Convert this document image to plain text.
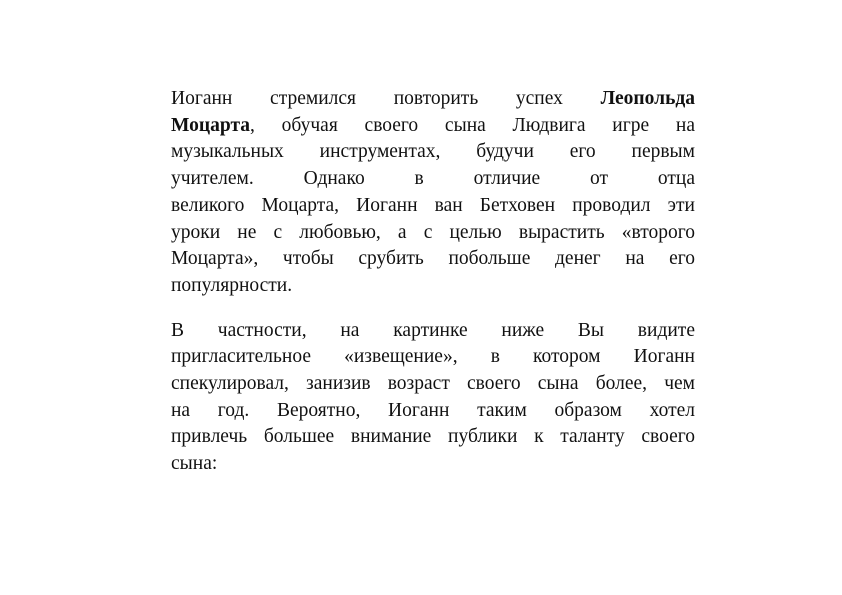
Иоганн стремился повторить успех Леопольда
Моцарта, обучая своего сына Людвига игре на
музыкальных инструментах, будучи его первым
учителем. Однако в отличие от отца
великого Моцарта, Иоганн ван Бетховен проводил эти
уроки не с любовью, а с целью вырастить «второго
Моцарта», чтобы срубить побольше денег на его
популярности.

В частности, на картинке ниже Вы видите
пригласительное «извещение», в котором Иоганн
спекулировал, занизив возраст своего сына более, чем
на год. Вероятно, Иоганн таким образом хотел
привлечь большее внимание публики к таланту своего
сына:
